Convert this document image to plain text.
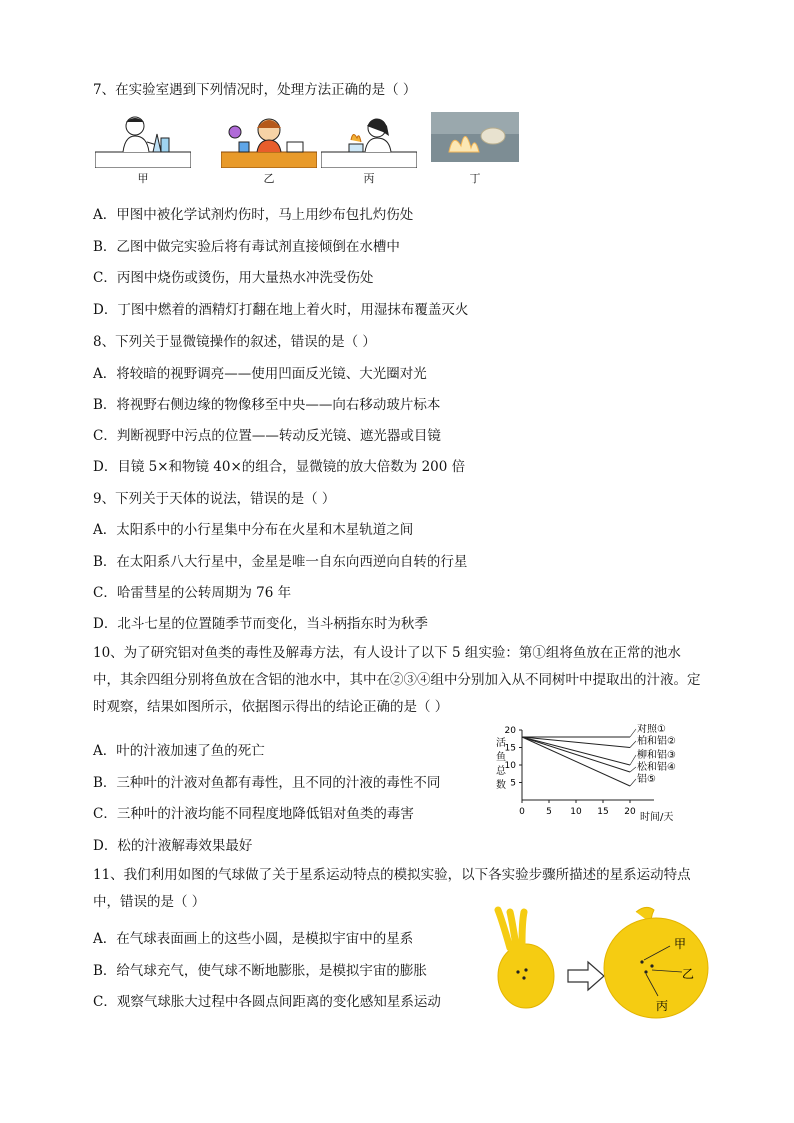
7、在实验室遇到下列情况时，处理方法正确的是（ ）
甲	乙	丙	丁
A．甲图中被化学试剂灼伤时，马上用纱布包扎灼伤处
B．乙图中做完实验后将有毒试剂直接倾倒在水槽中
C．丙图中烧伤或烫伤，用大量热水冲洗受伤处
D．丁图中燃着的酒精灯打翻在地上着火时，用湿抹布覆盖灭火
8、下列关于显微镜操作的叙述，错误的是（ ）
A．将较暗的视野调亮——使用凹面反光镜、大光圈对光
B．将视野右侧边缘的物像移至中央——向右移动玻片标本
C．判断视野中污点的位置——转动反光镜、遮光器或目镜
D．目镜 5×和物镜 40×的组合，显微镜的放大倍数为 200 倍
9、下列关于天体的说法，错误的是（ ）
A．太阳系中的小行星集中分布在火星和木星轨道之间
B．在太阳系八大行星中，金星是唯一自东向西逆向自转的行星
C．哈雷彗星的公转周期为 76 年
D．北斗七星的位置随季节而变化，当斗柄指东时为秋季
10、为了研究铝对鱼类的毒性及解毒方法，有人设计了以下 5 组实验：第①组将鱼放在正常的池水中，其余四组分别将鱼放在含铝的池水中，其中在②③④组中分别加入从不同树叶中提取出的汁液。定时观察，结果如图所示，依据图示得出的结论正确的是（ ）
A．叶的汁液加速了鱼的死亡
B．三种叶的汁液对鱼都有毒性，且不同的汁液的毒性不同
C．三种叶的汁液均能不同程度地降低铝对鱼类的毒害
D．松的汁液解毒效果最好
活
鱼
总
数 5
10
15
20
0 5 10 15 20
对照①
柏和铝②
柳和铝③
松和铝④
铝⑤
时间/天
11、我们利用如图的气球做了关于星系运动特点的模拟实验，以下各实验步骤所描述的星系运动特点中，错误的是（ ）
A．在气球表面画上的这些小圆，是模拟宇宙中的星系
B．给气球充气，使气球不断地膨胀，是模拟宇宙的膨胀
C．观察气球胀大过程中各圆点间距离的变化感知星系运动
甲
乙
丙
